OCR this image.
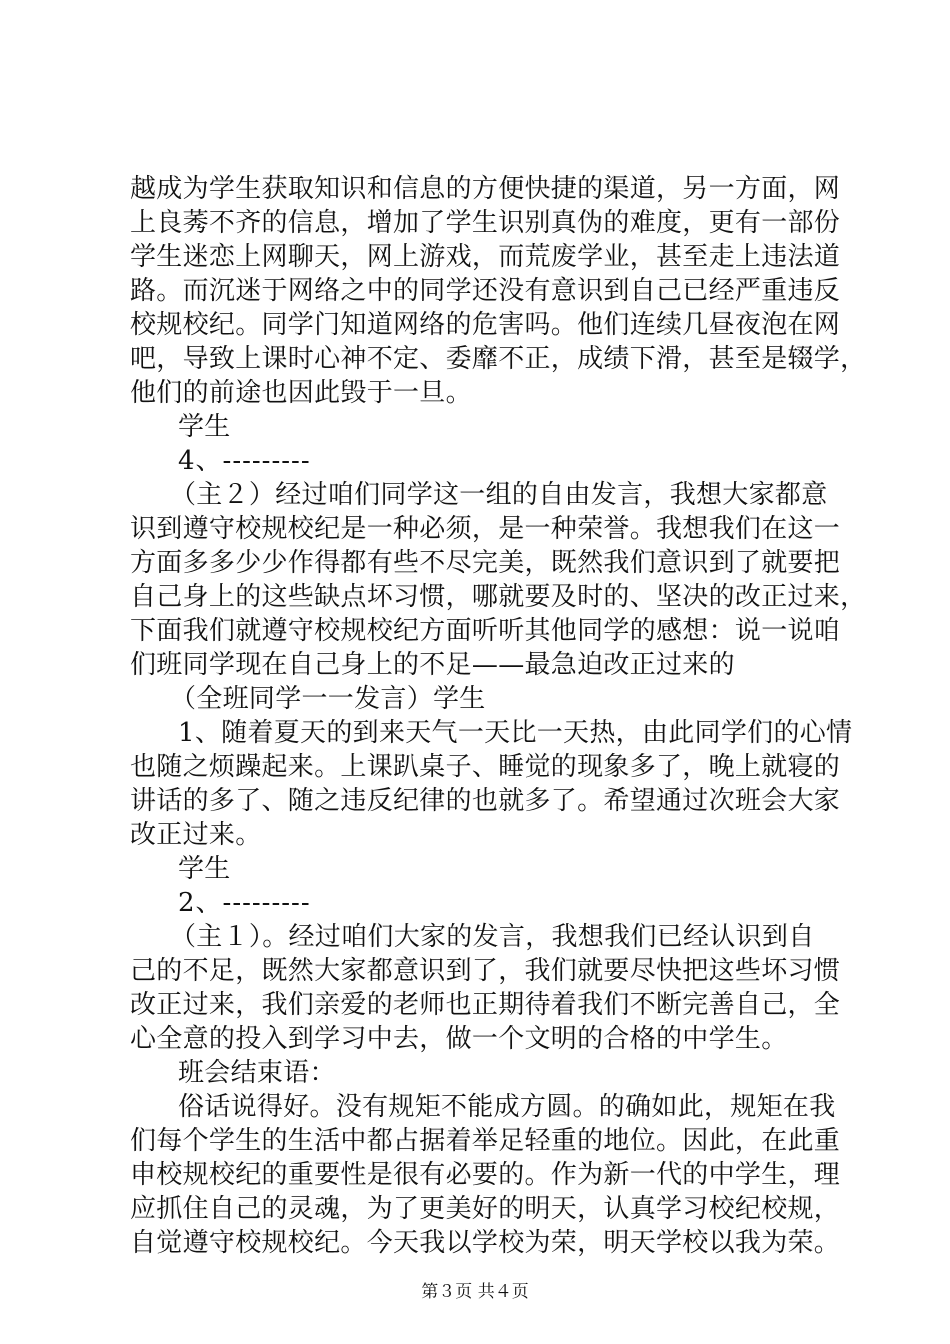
越成为学生获取知识和信息的方便快捷的渠道，另一方面，网
上良莠不齐的信息，增加了学生识别真伪的难度，更有一部份
学生迷恋上网聊天，网上游戏，而荒废学业，甚至走上违法道
路。而沉迷于网络之中的同学还没有意识到自己已经严重违反
校规校纪。同学门知道网络的危害吗。他们连续几昼夜泡在网
吧，导致上课时心神不定、委靡不正，成绩下滑，甚至是辍学，
他们的前途也因此毁于一旦。
学生
4、---------
（主２）经过咱们同学这一组的自由发言，我想大家都意
识到遵守校规校纪是一种必须，是一种荣誉。我想我们在这一
方面多多少少作得都有些不尽完美，既然我们意识到了就要把
自己身上的这些缺点坏习惯，哪就要及时的、坚决的改正过来，
下面我们就遵守校规校纪方面听听其他同学的感想：说一说咱
们班同学现在自己身上的不足——最急迫改正过来的
（全班同学一一发言）学生
1、随着夏天的到来天气一天比一天热，由此同学们的心情
也随之烦躁起来。上课趴桌子、睡觉的现象多了，晚上就寝的
讲话的多了、随之违反纪律的也就多了。希望通过次班会大家
改正过来。
学生
2、---------
（主１）。经过咱们大家的发言，我想我们已经认识到自
己的不足，既然大家都意识到了，我们就要尽快把这些坏习惯
改正过来，我们亲爱的老师也正期待着我们不断完善自己，全
心全意的投入到学习中去，做一个文明的合格的中学生。
班会结束语：
俗话说得好。没有规矩不能成方圆。的确如此，规矩在我
们每个学生的生活中都占据着举足轻重的地位。因此，在此重
申校规校纪的重要性是很有必要的。作为新一代的中学生，理
应抓住自己的灵魂，为了更美好的明天，认真学习校纪校规，
自觉遵守校规校纪。今天我以学校为荣，明天学校以我为荣。
第３页 共４页
